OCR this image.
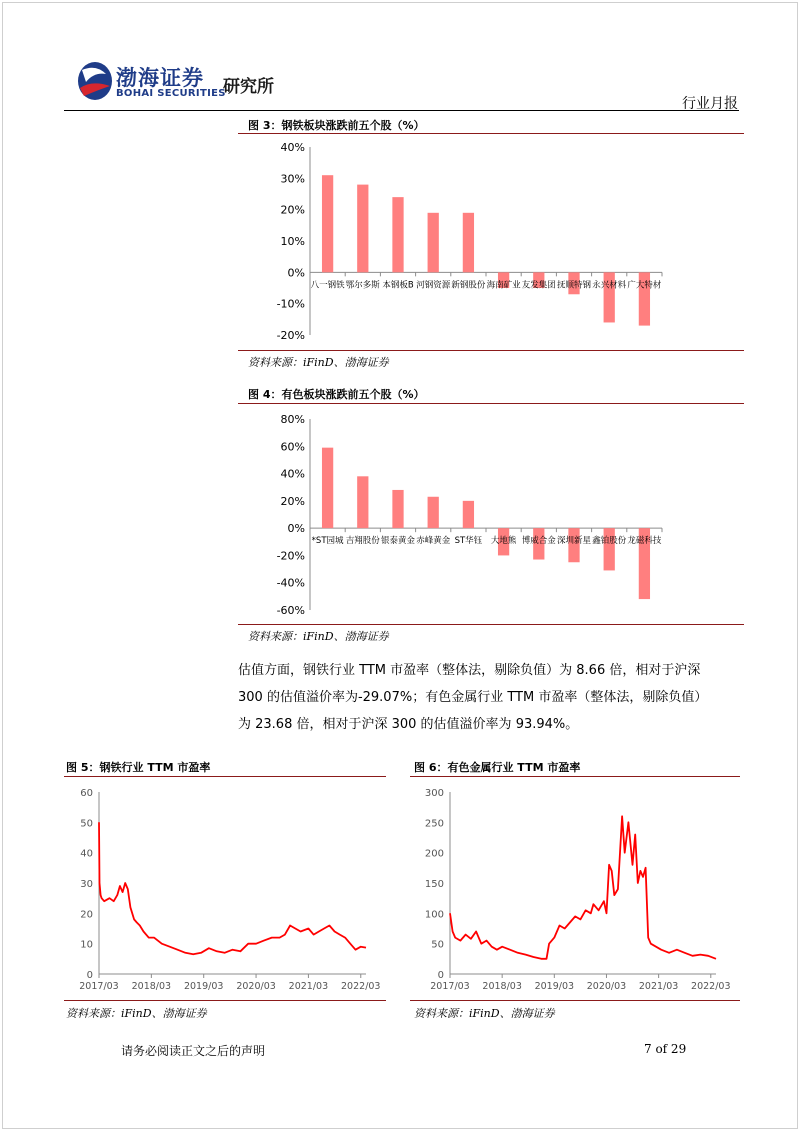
渤海证券
BOHAI SECURITIES
研究所
行业月报
图 3：钢铁板块涨跌前五个股（%）
40%
30%
20%
10%
0%
-10%
-20%
八一钢铁 鄂尔多斯 本钢板B 河钢资源 新钢股份 海南矿业 友发集团 抚顺特钢 永兴材料 广大特材
资料来源：iFinD、渤海证券
图 4：有色板块涨跌前五个股（%）
80%
60%
40%
20%
0%
-20%
-40%
-60%
*ST园城 吉翔股份 银泰黄金 赤峰黄金 ST华钰 大地熊 博威合金 深圳新星 鑫铂股份 龙磁科技
资料来源：iFinD、渤海证券

估值方面，钢铁行业 TTM 市盈率（整体法，剔除负值）为 8.66 倍，相对于沪深

300 的估值溢价率为-29.07%；有色金属行业 TTM 市盈率（整体法，剔除负值）

为 23.68 倍，相对于沪深 300 的估值溢价率为 93.94%。

图 5：钢铁行业 TTM 市盈率
60
50
40
30
20
10
0
2017/03 2018/03 2019/03 2020/03 2021/03 2022/03
资料来源：iFinD、渤海证券
图 6：有色金属行业 TTM 市盈率
300
250
200
150
100
50
0
2017/03 2018/03 2019/03 2020/03 2021/03 2022/03
资料来源：iFinD、渤海证券
请务必阅读正文之后的声明	7 of 29
